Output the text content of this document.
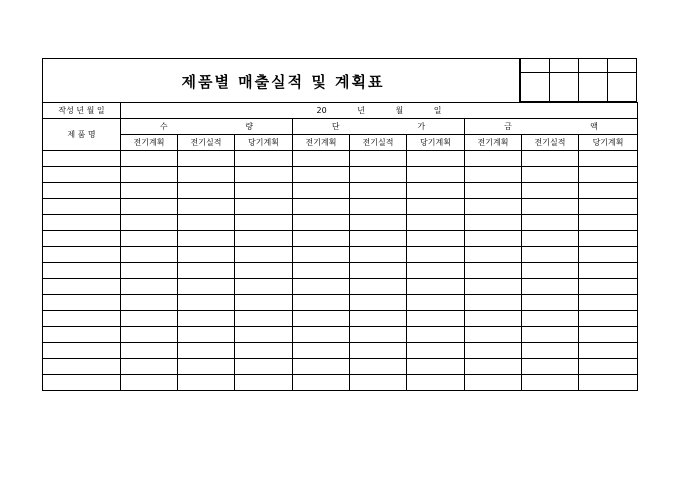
제품별 매출실적 및 계획표

작성 년 월 일	20 년 월 일								

제 품 명	수 량			단 가			금 액		

	전기계획	전기실적	당기계획	전기계획	전기실적	당기계획	전기계획	전기실적	당기계획
